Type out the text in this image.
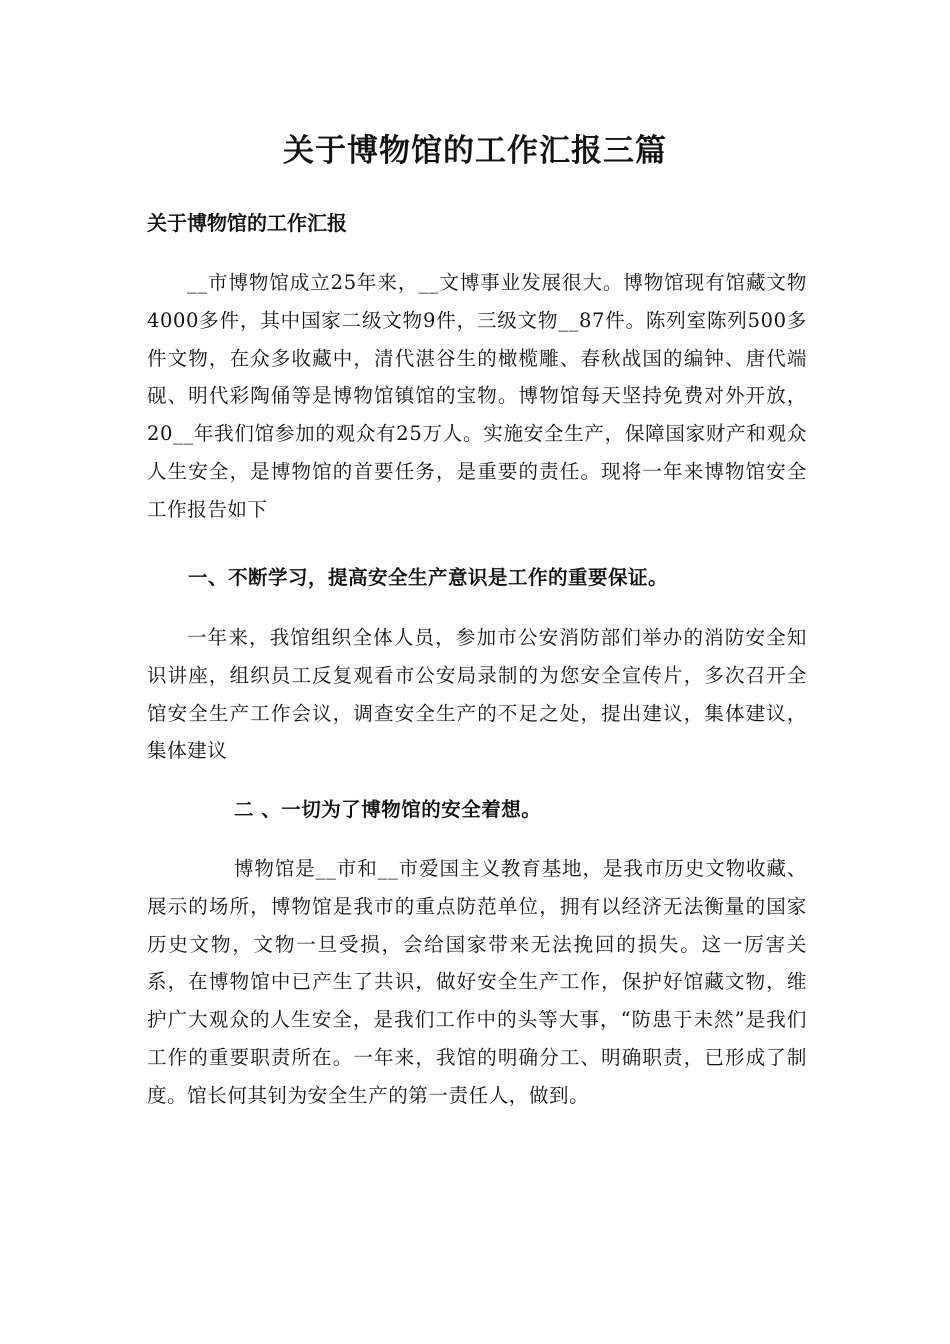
关于博物馆的工作汇报三篇
关于博物馆的工作汇报

__市博物馆成立25年来，__文博事业发展很大。博物馆现有馆藏文物4000多件，其中国家二级文物9件，三级文物__87件。陈列室陈列500多件文物，在众多收藏中，清代湛谷生的橄榄雕、春秋战国的编钟、唐代端砚、明代彩陶俑等是博物馆镇馆的宝物。博物馆每天坚持免费对外开放，20__年我们馆参加的观众有25万人。实施安全生产，保障国家财产和观众人生安全，是博物馆的首要任务，是重要的责任。现将一年来博物馆安全工作报告如下

一、不断学习，提高安全生产意识是工作的重要保证。

一年来，我馆组织全体人员，参加市公安消防部们举办的消防安全知识讲座，组织员工反复观看市公安局录制的为您安全宣传片，多次召开全馆安全生产工作会议，调查安全生产的不足之处，提出建议，集体建议，集体建议

二 、一切为了博物馆的安全着想。

博物馆是__市和__市爱国主义教育基地，是我市历史文物收藏、展示的场所，博物馆是我市的重点防范单位，拥有以经济无法衡量的国家历史文物，文物一旦受损，会给国家带来无法挽回的损失。这一厉害关系，在博物馆中已产生了共识，做好安全生产工作，保护好馆藏文物，维护广大观众的人生安全，是我们工作中的头等大事，“防患于未然”是我们工作的重要职责所在。一年来，我馆的明确分工、明确职责，已形成了制度。馆长何其钊为安全生产的第一责任人，做到。
